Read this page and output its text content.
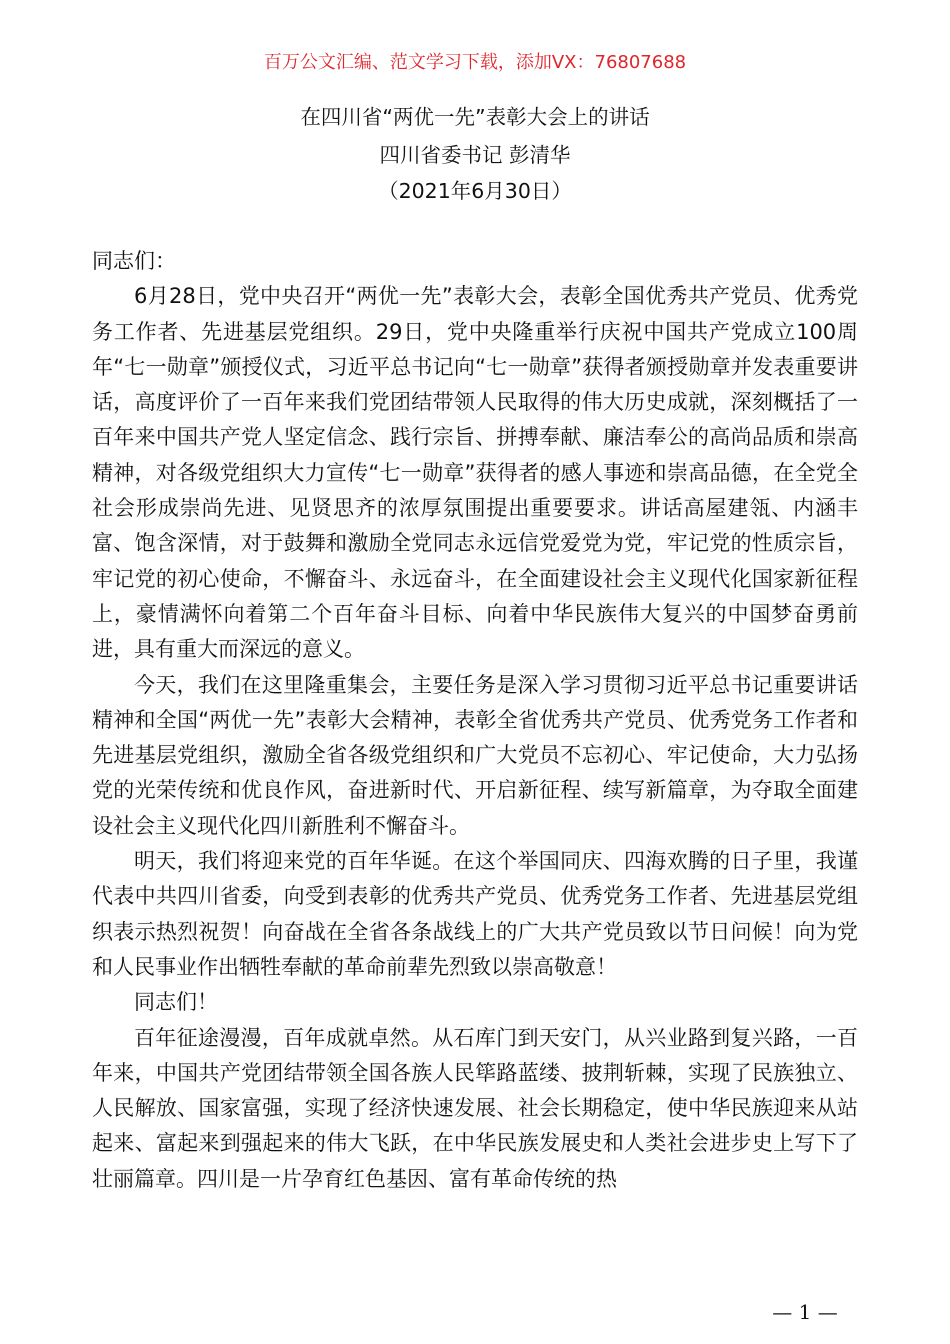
百万公文汇编、范文学习下载，添加VX：76807688
在四川省“两优一先”表彰大会上的讲话
四川省委书记 彭清华
（2021年6月30日）

同志们：

6月28日，党中央召开“两优一先”表彰大会，表彰全国优秀共产党员、优秀党务工作者、先进基层党组织。29日，党中央隆重举行庆祝中国共产党成立100周年“七一勋章”颁授仪式，习近平总书记向“七一勋章”获得者颁授勋章并发表重要讲话，高度评价了一百年来我们党团结带领人民取得的伟大历史成就，深刻概括了一百年来中国共产党人坚定信念、践行宗旨、拼搏奉献、廉洁奉公的高尚品质和崇高精神，对各级党组织大力宣传“七一勋章”获得者的感人事迹和崇高品德，在全党全社会形成崇尚先进、见贤思齐的浓厚氛围提出重要要求。讲话高屋建瓴、内涵丰富、饱含深情，对于鼓舞和激励全党同志永远信党爱党为党，牢记党的性质宗旨，牢记党的初心使命，不懈奋斗、永远奋斗，在全面建设社会主义现代化国家新征程上，豪情满怀向着第二个百年奋斗目标、向着中华民族伟大复兴的中国梦奋勇前进，具有重大而深远的意义。

今天，我们在这里隆重集会，主要任务是深入学习贯彻习近平总书记重要讲话精神和全国“两优一先”表彰大会精神，表彰全省优秀共产党员、优秀党务工作者和先进基层党组织，激励全省各级党组织和广大党员不忘初心、牢记使命，大力弘扬党的光荣传统和优良作风，奋进新时代、开启新征程、续写新篇章，为夺取全面建设社会主义现代化四川新胜利不懈奋斗。

明天，我们将迎来党的百年华诞。在这个举国同庆、四海欢腾的日子里，我谨代表中共四川省委，向受到表彰的优秀共产党员、优秀党务工作者、先进基层党组织表示热烈祝贺！向奋战在全省各条战线上的广大共产党员致以节日问候！向为党和人民事业作出牺牲奉献的革命前辈先烈致以崇高敬意！

同志们！

百年征途漫漫，百年成就卓然。从石库门到天安门，从兴业路到复兴路，一百年来，中国共产党团结带领全国各族人民筚路蓝缕、披荆斩棘，实现了民族独立、人民解放、国家富强，实现了经济快速发展、社会长期稳定，使中华民族迎来从站起来、富起来到强起来的伟大飞跃，在中华民族发展史和人类社会进步史上写下了壮丽篇章。四川是一片孕育红色基因、富有革命传统的热

— 1 —
